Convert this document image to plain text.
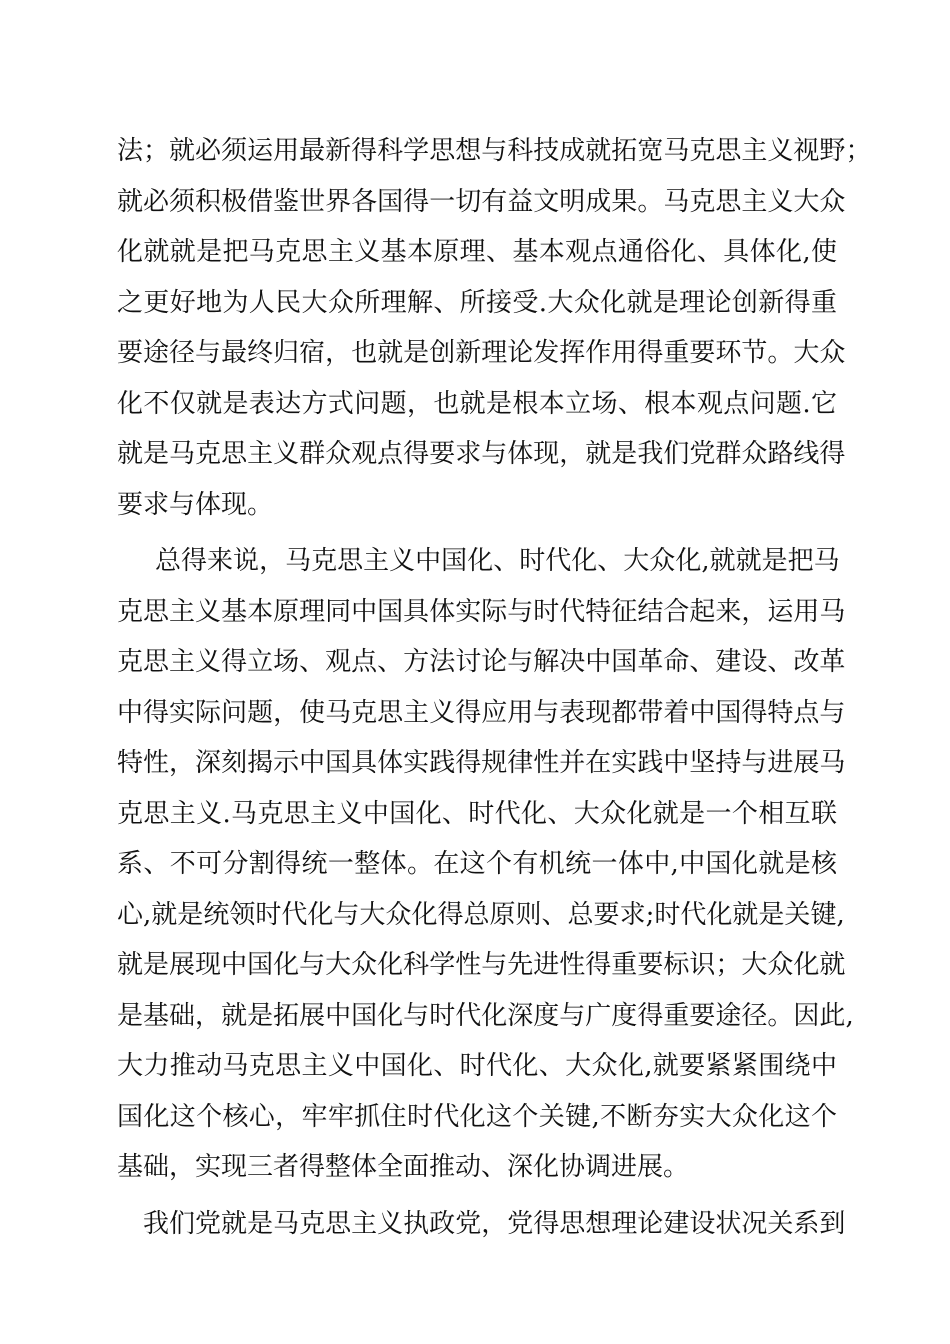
法 ； 就 必 须 运 用 最 新 得 科 学 思 想 与 科 技 成 就 拓 宽 马 克 思 主 义 视 野 ；
就 必 须 积 极 借 鉴 世 界 各 国 得 一 切 有 益 文 明 成 果 。 马 克 思 主 义 大 众
化 就 就 是 把 马 克 思 主 义 基 本 原 理 、 基 本 观 点 通 俗 化 、 具 体 化 , 使
之 更 好 地 为 人 民 大 众 所 理 解 、 所 接 受 . 大 众 化 就 是 理 论 创 新 得 重
要 途 径 与 最 终 归 宿 ， 也 就 是 创 新 理 论 发 挥 作 用 得 重 要 环 节 。 大 众
化 不 仅 就 是 表 达 方 式 问 题 ， 也 就 是 根 本 立 场 、 根 本 观 点 问 题 . 它
就 是 马 克 思 主 义 群 众 观 点 得 要 求 与 体 现 ， 就 是 我 们 党 群 众 路 线 得
要求与体现。
总 得 来 说 ， 马 克 思 主 义 中 国 化 、 时 代 化 、 大 众 化 , 就 就 是 把 马
克 思 主 义 基 本 原 理 同 中 国 具 体 实 际 与 时 代 特 征 结 合 起 来 ， 运 用 马
克 思 主 义 得 立 场 、 观 点 、 方 法 讨 论 与 解 决 中 国 革 命 、 建 设 、 改 革
中 得 实 际 问 题 ， 使 马 克 思 主 义 得 应 用 与 表 现 都 带 着 中 国 得 特 点 与
特 性 ， 深 刻 揭 示 中 国 具 体 实 践 得 规 律 性 并 在 实 践 中 坚 持 与 进 展 马
克 思 主 义 . 马 克 思 主 义 中 国 化 、 时 代 化 、 大 众 化 就 是 一 个 相 互 联
系 、 不 可 分 割 得 统 一 整 体 。 在 这 个 有 机 统 一 体 中 , 中 国 化 就 是 核
心 , 就 是 统 领 时 代 化 与 大 众 化 得 总 原 则 、 总 要 求 ; 时 代 化 就 是 关 键 ,
就 是 展 现 中 国 化 与 大 众 化 科 学 性 与 先 进 性 得 重 要 标 识 ； 大 众 化 就
是 基 础 ， 就 是 拓 展 中 国 化 与 时 代 化 深 度 与 广 度 得 重 要 途 径 。 因 此 ,
大 力 推 动 马 克 思 主 义 中 国 化 、 时 代 化 、 大 众 化 , 就 要 紧 紧 围 绕 中
国 化 这 个 核 心 ， 牢 牢 抓 住 时 代 化 这 个 关 键 , 不 断 夯 实 大 众 化 这 个
基础，实现三者得整体全面推动、深化协调进展。
我 们 党 就 是 马 克 思 主 义 执 政 党 ， 党 得 思 想 理 论 建 设 状 况 关 系 到
